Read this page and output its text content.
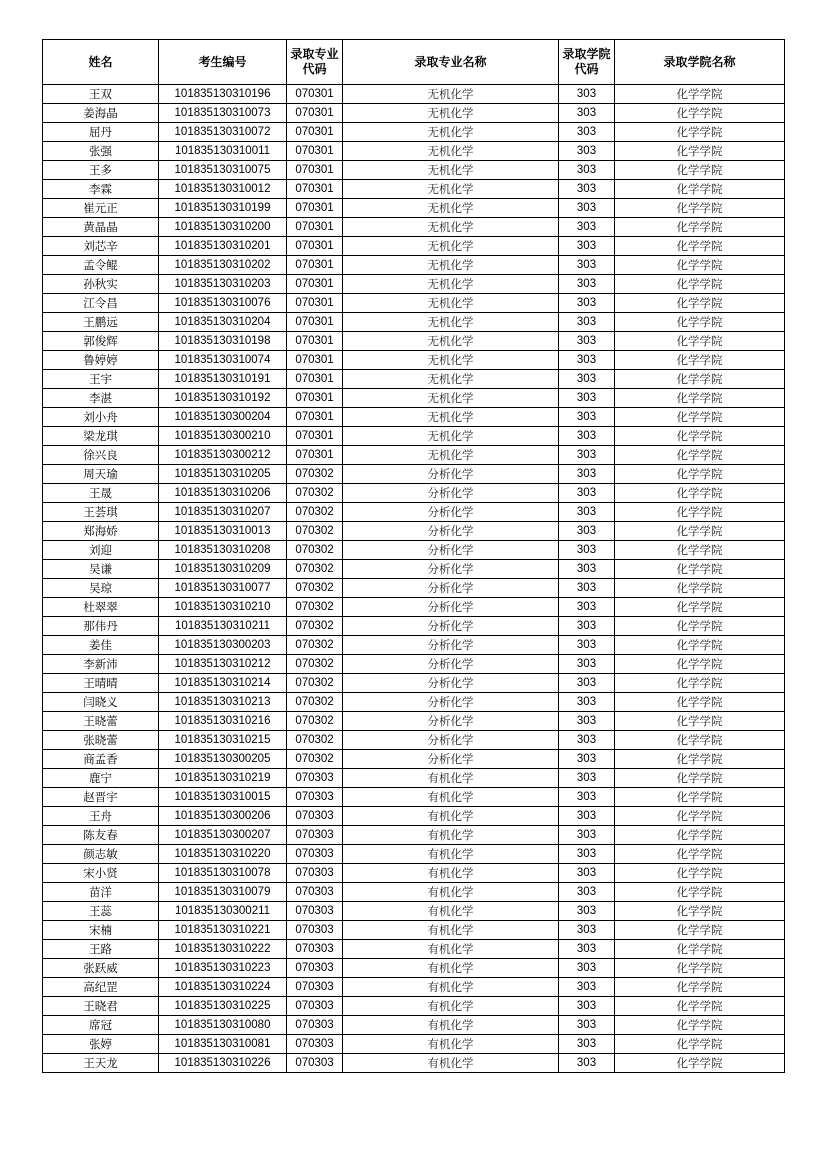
姓名	考生编号	录取专业代码	录取专业名称	录取学院代码	录取学院名称
王双	101835130310196	070301	无机化学	303	化学学院
姜海晶	101835130310073	070301	无机化学	303	化学学院
屈丹	101835130310072	070301	无机化学	303	化学学院
张强	101835130310011	070301	无机化学	303	化学学院
王多	101835130310075	070301	无机化学	303	化学学院
李霖	101835130310012	070301	无机化学	303	化学学院
崔元正	101835130310199	070301	无机化学	303	化学学院
黄晶晶	101835130310200	070301	无机化学	303	化学学院
刘芯辛	101835130310201	070301	无机化学	303	化学学院
孟令鲲	101835130310202	070301	无机化学	303	化学学院
孙秋实	101835130310203	070301	无机化学	303	化学学院
江令昌	101835130310076	070301	无机化学	303	化学学院
王鹏远	101835130310204	070301	无机化学	303	化学学院
郭俊辉	101835130310198	070301	无机化学	303	化学学院
鲁婷婷	101835130310074	070301	无机化学	303	化学学院
王宇	101835130310191	070301	无机化学	303	化学学院
李湛	101835130310192	070301	无机化学	303	化学学院
刘小舟	101835130300204	070301	无机化学	303	化学学院
梁龙琪	101835130300210	070301	无机化学	303	化学学院
徐兴良	101835130300212	070301	无机化学	303	化学学院
周天瑜	101835130310205	070302	分析化学	303	化学学院
王晟	101835130310206	070302	分析化学	303	化学学院
王荟琪	101835130310207	070302	分析化学	303	化学学院
郑海娇	101835130310013	070302	分析化学	303	化学学院
刘迎	101835130310208	070302	分析化学	303	化学学院
吴谦	101835130310209	070302	分析化学	303	化学学院
吴琼	101835130310077	070302	分析化学	303	化学学院
杜翠翠	101835130310210	070302	分析化学	303	化学学院
那伟丹	101835130310211	070302	分析化学	303	化学学院
姜佳	101835130300203	070302	分析化学	303	化学学院
李新沛	101835130310212	070302	分析化学	303	化学学院
王晴晴	101835130310214	070302	分析化学	303	化学学院
闫晓义	101835130310213	070302	分析化学	303	化学学院
王晓蕾	101835130310216	070302	分析化学	303	化学学院
张晓蕾	101835130310215	070302	分析化学	303	化学学院
商孟香	101835130300205	070302	分析化学	303	化学学院
鹿宁	101835130310219	070303	有机化学	303	化学学院
赵晋宇	101835130310015	070303	有机化学	303	化学学院
王舟	101835130300206	070303	有机化学	303	化学学院
陈友春	101835130300207	070303	有机化学	303	化学学院
颜志敏	101835130310220	070303	有机化学	303	化学学院
宋小贤	101835130310078	070303	有机化学	303	化学学院
苗洋	101835130310079	070303	有机化学	303	化学学院
王蕊	101835130300211	070303	有机化学	303	化学学院
宋楠	101835130310221	070303	有机化学	303	化学学院
王路	101835130310222	070303	有机化学	303	化学学院
张跃威	101835130310223	070303	有机化学	303	化学学院
高纪罡	101835130310224	070303	有机化学	303	化学学院
王晓君	101835130310225	070303	有机化学	303	化学学院
席冠	101835130310080	070303	有机化学	303	化学学院
张婷	101835130310081	070303	有机化学	303	化学学院
王天龙	101835130310226	070303	有机化学	303	化学学院
